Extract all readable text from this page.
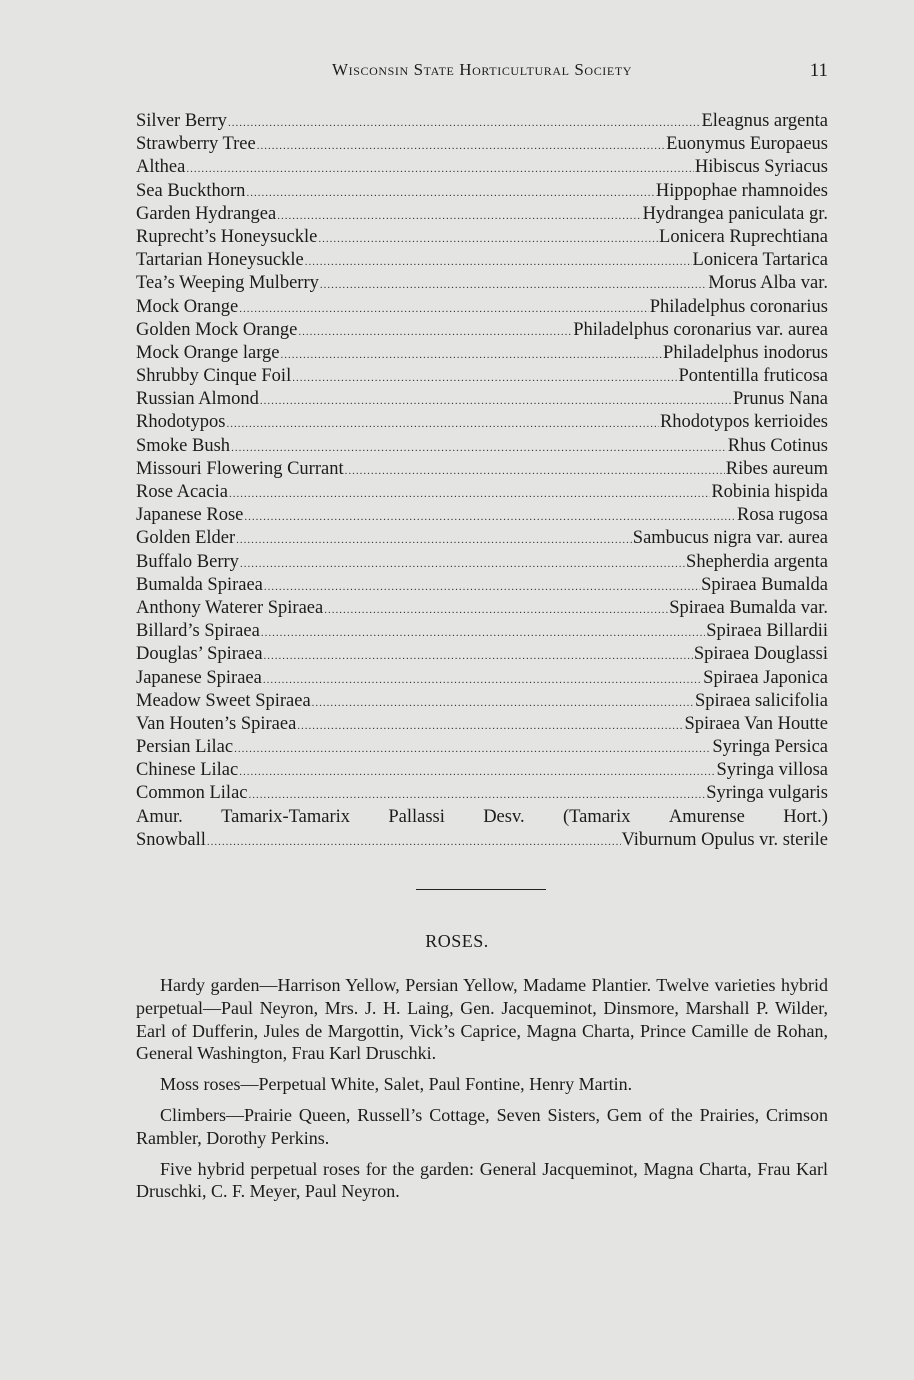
Wisconsin State Horticultural Society	11
Silver Berry .....	Eleagnus argenta
Strawberry Tree .....	Euonymus Europaeus
Althea .....	Hibiscus Syriacus
Sea Buckthorn .....	Hippophae rhamnoides
Garden Hydrangea .....	Hydrangea paniculata gr.
Ruprecht’s Honeysuckle .....	Lonicera Ruprechtiana
Tartarian Honeysuckle .....	Lonicera Tartarica
Tea’s Weeping Mulberry .....	Morus Alba var.
Mock Orange .....	Philadelphus coronarius
Golden Mock Orange .....	Philadelphus coronarius var. aurea
Mock Orange large .....	Philadelphus inodorus
Shrubby Cinque Foil .....	Pontentilla fruticosa
Russian Almond .....	Prunus Nana
Rhodotypos .....	Rhodotypos kerrioides
Smoke Bush .....	Rhus Cotinus
Missouri Flowering Currant .....	Ribes aureum
Rose Acacia .....	Robinia hispida
Japanese Rose .....	Rosa rugosa
Golden Elder .....	Sambucus nigra var. aurea
Buffalo Berry .....	Shepherdia argenta
Bumalda Spiraea .....	Spiraea Bumalda
Anthony Waterer Spiraea .....	Spiraea Bumalda var.
Billard’s Spiraea .....	Spiraea Billardii
Douglas’ Spiraea .....	Spiraea Douglassi
Japanese Spiraea .....	Spiraea Japonica
Meadow Sweet Spiraea .....	Spiraea salicifolia
Van Houten’s Spiraea .....	Spiraea Van Houtte
Persian Lilac .....	Syringa Persica
Chinese Lilac .....	Syringa villosa
Common Lilac .....	Syringa vulgaris
Amur. Tamarix-Tamarix Pallassi Desv. (Tamarix Amurense Hort.)
Snowball .....	Viburnum Opulus vr. sterile
ROSES.

Hardy garden—Harrison Yellow, Persian Yellow, Madame Plantier. Twelve varieties hybrid perpetual—Paul Neyron, Mrs. J. H. Laing, Gen. Jacqueminot, Dinsmore, Marshall P. Wilder, Earl of Dufferin, Jules de Margottin, Vick’s Caprice, Magna Charta, Prince Camille de Rohan, General Washington, Frau Karl Druschki.

Moss roses—Perpetual White, Salet, Paul Fontine, Henry Martin.

Climbers—Prairie Queen, Russell’s Cottage, Seven Sisters, Gem of the Prairies, Crimson Rambler, Dorothy Perkins.

Five hybrid perpetual roses for the garden: General Jacqueminot, Magna Charta, Frau Karl Druschki, C. F. Meyer, Paul Neyron.
